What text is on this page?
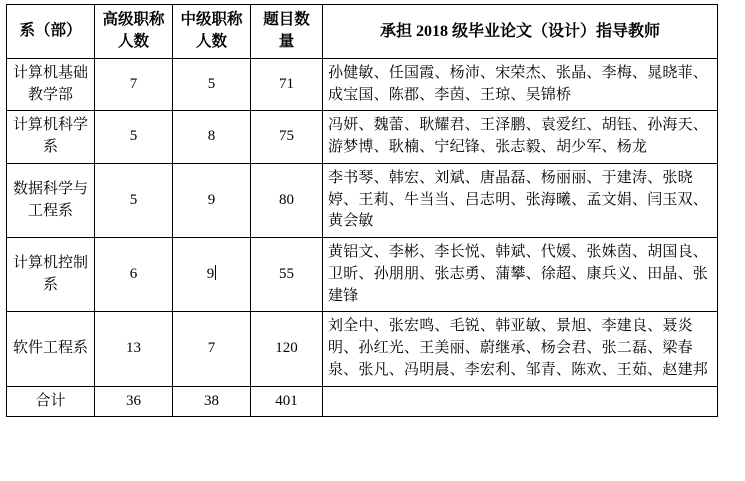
系（部）	高级职称人数	中级职称人数	题目数量	承担 2018 级毕业论文（设计）指导教师
计算机基础教学部	7	5	71	孙健敏、任国霞、杨沛、宋荣杰、张晶、李梅、晁晓菲、成宝国、陈郡、李茵、王琼、吴锦桥
计算机科学系	5	8	75	冯妍、魏蕾、耿耀君、王泽鹏、袁爱红、胡钰、孙海天、游梦博、耿楠、宁纪锋、张志毅、胡少军、杨龙
数据科学与工程系	5	9	80	李书琴、韩宏、刘斌、唐晶磊、杨丽丽、于建涛、张晓婷、王莉、牛当当、吕志明、张海曦、孟文娟、闫玉双、黄会敏
计算机控制系	6	9	55	黄铝文、李彬、李长悦、韩斌、代媛、张姝茵、胡国良、卫昕、孙朋朋、张志勇、蒲攀、徐超、康兵义、田晶、张建锋
软件工程系	13	7	120	刘全中、张宏鸣、毛锐、韩亚敏、景旭、李建良、聂炎明、孙红光、王美丽、蔚继承、杨会君、张二磊、梁春泉、张凡、冯明晨、李宏利、邹青、陈欢、王茹、赵建邦
合计	36	38	401	
